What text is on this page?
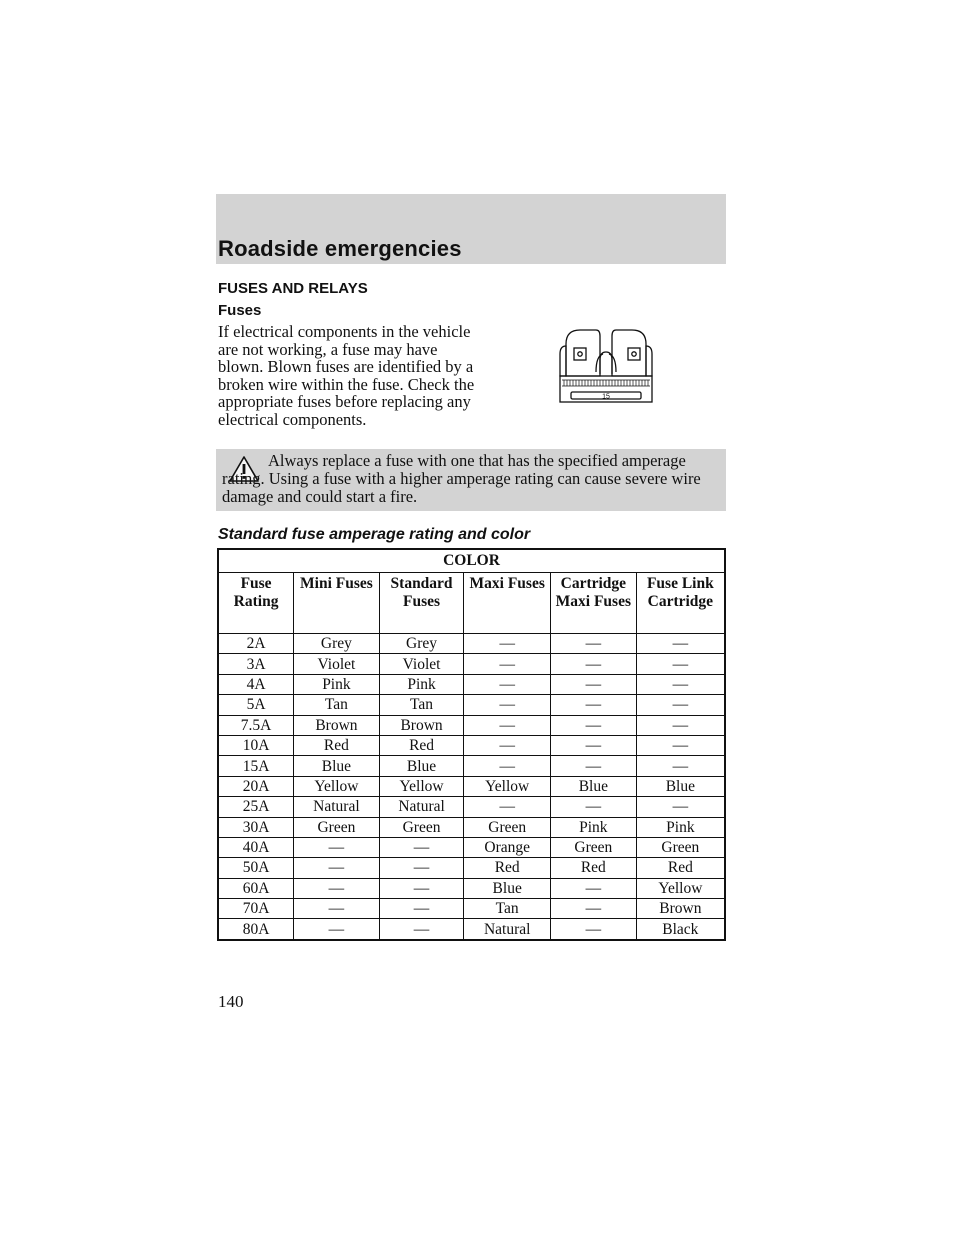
Roadside emergencies
FUSES AND RELAYS
Fuses
If electrical components in the vehicle are not working, a fuse may have blown. Blown fuses are identified by a broken wire within the fuse. Check the appropriate fuses before replacing any electrical components.
15
Always replace a fuse with one that has the specified amperage rating. Using a fuse with a higher amperage rating can cause severe wire damage and could start a fire.
Standard fuse amperage rating and color
COLOR					
Fuse Rating	Mini Fuses	Standard Fuses	Maxi Fuses	Cartridge Maxi Fuses	Fuse Link Cartridge
2A	Grey	Grey	—	—	—
3A	Violet	Violet	—	—	—
4A	Pink	Pink	—	—	—
5A	Tan	Tan	—	—	—
7.5A	Brown	Brown	—	—	—
10A	Red	Red	—	—	—
15A	Blue	Blue	—	—	—
20A	Yellow	Yellow	Yellow	Blue	Blue
25A	Natural	Natural	—	—	—
30A	Green	Green	Green	Pink	Pink
40A	—	—	Orange	Green	Green
50A	—	—	Red	Red	Red
60A	—	—	Blue	—	Yellow
70A	—	—	Tan	—	Brown
80A	—	—	Natural	—	Black
140
